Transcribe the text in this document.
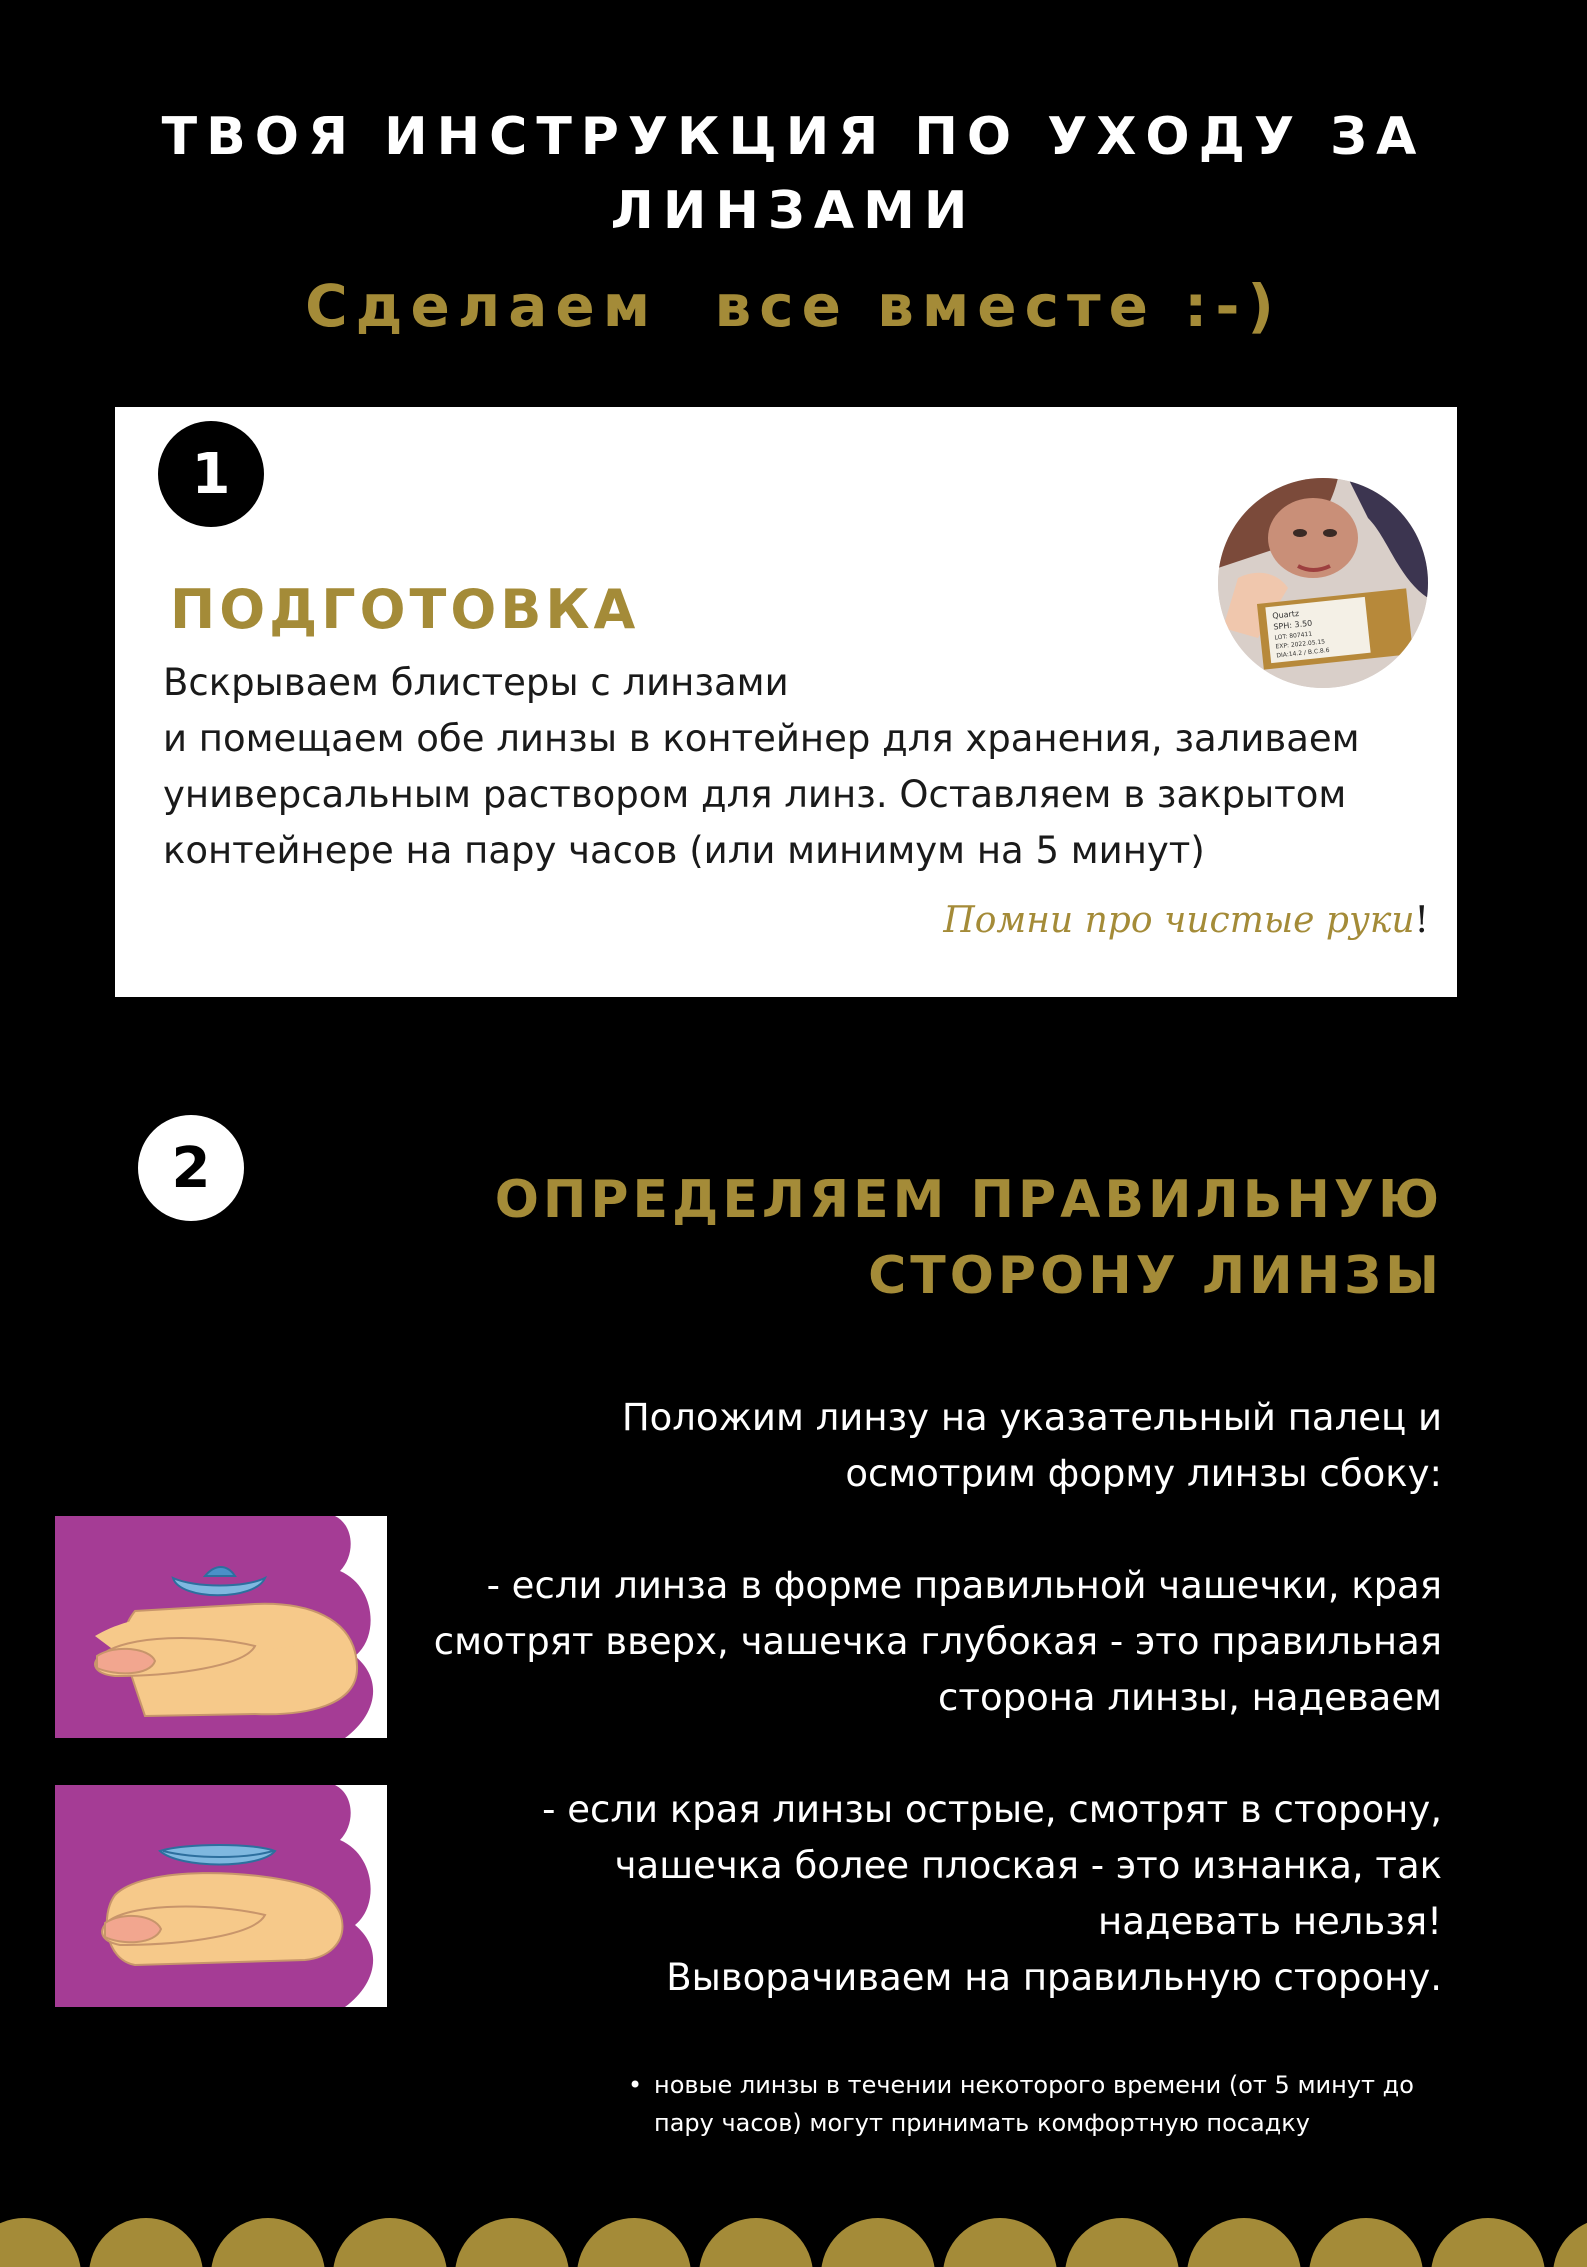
ТВОЯ ИНСТРУКЦИЯ ПО УХОДУ ЗА
ЛИНЗАМИ
Сделаем  все вместе :-)
1
Quartz
SPH: 3.50
LOT: 807411
EXP: 2022.05.15
DIA:14.2 / B.C.8.6
ПОДГОТОВКА
Вскрываем блистеры с линзами
и помещаем обе линзы в контейнер для хранения, заливаем
универсальным раствором для линз. Оставляем в закрытом
контейнере на пару часов (или минимум на 5 минут)
Помни про чистые руки!
2	ОПРЕДЕЛЯЕМ ПРАВИЛЬНУЮ
СТОРОНУ ЛИНЗЫ
Положим линзу на указательный палец и
осмотрим форму линзы сбоку:
- если линза в форме правильной чашечки, края
смотрят вверх, чашечка глубокая - это правильная
сторона линзы, надеваем
- если края линзы острые, смотрят в сторону,
чашечка более плоская - это изнанка, так
надевать нельзя!
Выворачиваем на правильную сторону.
• новые линзы в течении некоторого времени (от 5 минут до
пару часов) могут принимать комфортную посадку
